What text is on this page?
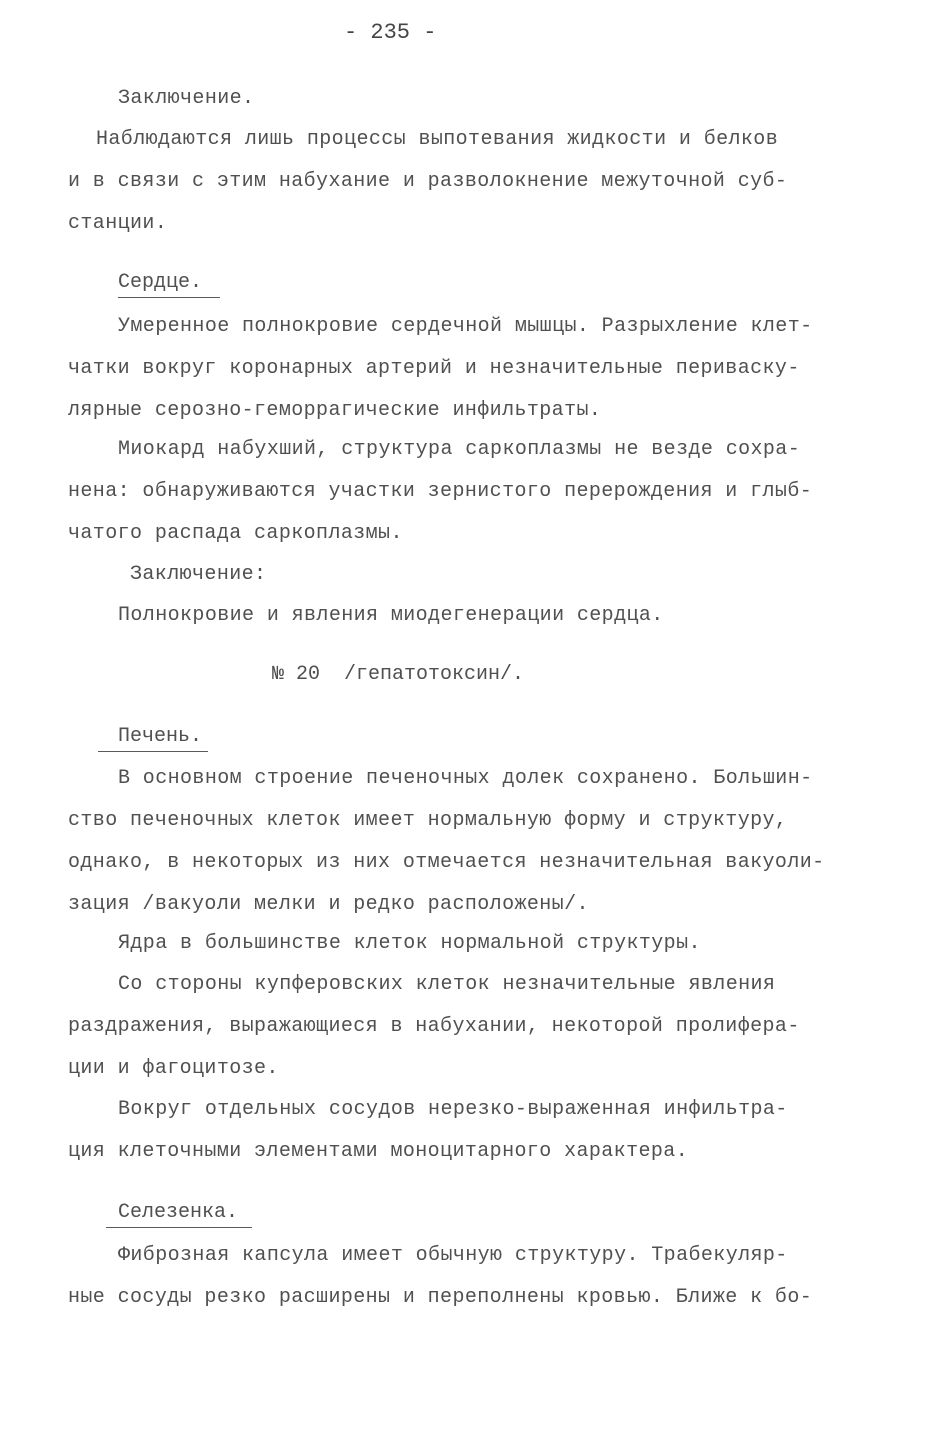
- 235 -
Заключение.
Наблюдаются лишь процессы выпотевания жидкости и белков
и в связи с этим набухание и разволокнение межуточной суб-
станции.
Сердце.
Умеренное полнокровие сердечной мышцы. Разрыхление клет-
чатки вокруг коронарных артерий и незначительные периваску-
лярные серозно-геморрагические инфильтраты.
Миокард набухший, структура саркоплазмы не везде сохра-
нена: обнаруживаются участки зернистого перерождения и глыб-
чатого распада саркоплазмы.
Заключение:
Полнокровие и явления миодегенерации сердца.
№ 20  /гепатотоксин/.
Печень.
В основном строение печеночных долек сохранено. Большин-
ство печеночных клеток имеет нормальную форму и структуру,
однако, в некоторых из них отмечается незначительная вакуоли-
зация /вакуоли мелки и редко расположены/.
Ядра в большинстве клеток нормальной структуры.
Со стороны купферовских клеток незначительные явления
раздражения, выражающиеся в набухании, некоторой пролифера-
ции и фагоцитозе.
Вокруг отдельных сосудов нерезко-выраженная инфильтра-
ция клеточными элементами моноцитарного характера.
Селезенка.
Фиброзная капсула имеет обычную структуру. Трабекуляр-
ные сосуды резко расширены и переполнены кровью. Ближе к бо-
